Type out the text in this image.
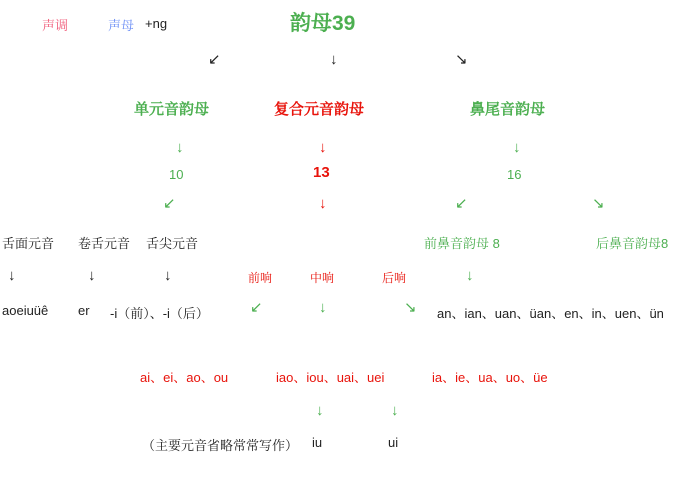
声调	声母 +ng	韵母39
↙	↓	↘
单元音韵母	复合元音韵母	鼻尾音韵母
↓	↓	↓
10	13	16
↙	↓	↙	↘
舌面元音 卷舌元音 舌尖元音	前鼻音韵母 8	后鼻音韵母8
↓	↓	↓	前响	中响	后响	↓
aoeiuüê er -i（前）、-i（后）	↙	↓	↘ an、ian、uan、üan、en、in、uen、ün
ai、ei、ao、ou	iao、iou、uai、uei	ia、ie、ua、uo、üe
↓	↓
（主要元音省略常常写作） iu	ui
